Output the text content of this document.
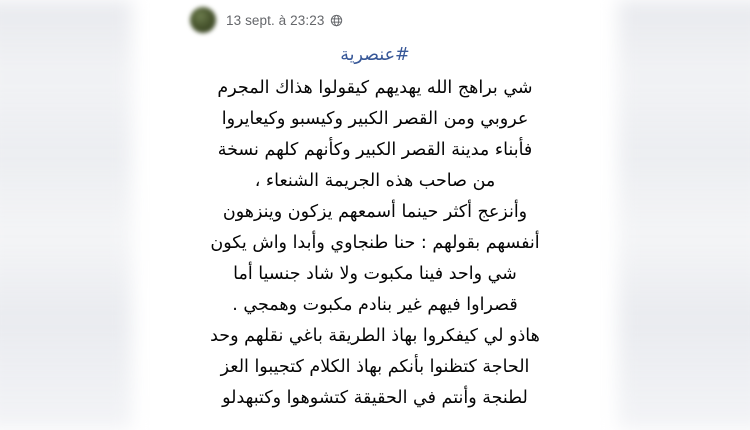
13 sept. à 23:23
#عنصرية
شي براهج الله يهديهم كيقولوا هذاك المجرم
عروبي ومن القصر الكبير وكيسبو وكيعايروا
فأبناء مدينة القصر الكبير وكأنهم كلهم نسخة
من صاحب هذه الجريمة الشنعاء ،
وأنزعج أكثر حينما أسمعهم يزكون وينزهون
أنفسهم بقولهم : حنا طنجاوي وأبدا واش يكون
شي واحد فينا مكبوت ولا شاد جنسيا أما
قصراوا فيهم غير بنادم مكبوت وهمجي .
هاذو لي كيفكروا بهاذ الطريقة باغي نقلهم وحد
الحاجة كتظنوا بأنكم بهاذ الكلام كتجيبوا العز
لطنجة وأنتم في الحقيقة كتشوهوا وكتبهدلو
